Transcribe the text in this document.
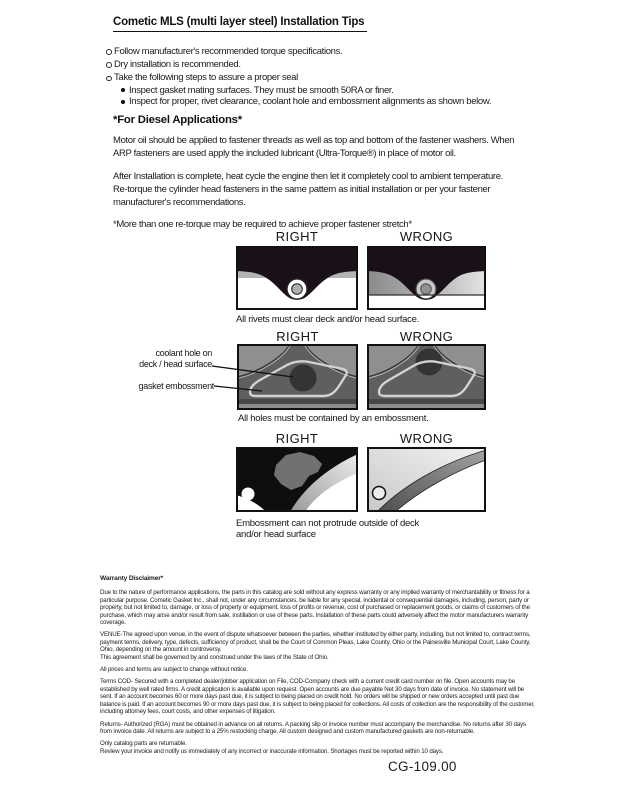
Cometic MLS (multi layer steel) Installation Tips
Follow manufacturer's recommended torque specifications.
Dry installation is recommended.
Take the following steps to assure a proper seal
Inspect gasket mating surfaces. They must be smooth 50RA or finer.
Inspect for proper, rivet clearance, coolant hole and embossment alignments as shown below.
*For Diesel Applications*

Motor oil should be applied to fastener threads as well as top and bottom of the fastener washers. When ARP fasteners are used apply the included lubricant (Ultra-Torque®) in place of motor oil.

After Installation is complete, heat cycle the engine then let it completely cool to ambient temperature. Re-torque the cylinder head fasteners in the same pattern as initial installation or per your fastener manufacturer's recommendations.

*More than one re-torque may be required to achieve proper fastener stretch*

RIGHT	WRONG
All rivets must clear deck and/or head surface.
RIGHT	WRONG
coolant hole on
deck / head surface
gasket embossment
All holes must be contained by an embossment.
RIGHT	WRONG
Embossment can not protrude outside of deck
and/or head surface
Warranty Disclaimer*
Due to the nature of performance applications, the parts in this catalog are sold without any express warranty or any implied warranty of merchantability or fitness for a particular purpose. Cometic Gasket Inc., shall not, under any circumstances, be liable for any special, incidental or consequential damages, including, person, party or property, but not limited to, damage, or loss of property or equipment, loss of profits or revenue, cost of purchased or replacement goods, or claims of customers of the purchase, which may arise and/or result from sale, instillation or use of these parts. Installation of these parts could adversely affect the motor manufacturers warranty coverage.
VENUE-The agreed upon venue, in the event of dispute whatsoever between the parties, whether instituted by either party, including, but not limited to, contract terms, payment terms, delivery, type, defects, sufficiency of product, shall be the Court of Common Pleas, Lake County, Ohio or the Painesville Municipal Court, Lake County, Ohio, depending on the amount in controversy.
This agreement shall be governed by and construed under the laws of the State of Ohio.
All prices and terms are subject to change without notice.
Terms COD- Secured with a completed dealer/jobber application on File, COD-Company check with a current credit card number on file. Open accounts may be established by well rated firms. A credit application is available upon request. Open accounts are due payable Net 30 days from date of invoice. No statement will be sent. If an account becomes 60 or more days past due, it is subject to being placed on credit hold. No orders will be shipped or new orders accepted until past due balance is paid. If an account becomes 90 or more days past due, it is subject to being placed for collections. All costs of collection are the responsibility of the customer, including attorney fees, court costs, and other expenses of litigation.
Returns- Authorized (RGA) must be obtained in advance on all returns. A packing slip or invoice number must accompany the merchandise. No returns after 30 days from invoice date. All returns are subject to a 25% restocking charge. All custom designed and custom manufactured gaskets are non-returnable.
Only catalog parts are returnable.
Review your invoice and notify us immediately of any incorrect or inaccurate information. Shortages must be reported within 10 days.
CG-109.00
